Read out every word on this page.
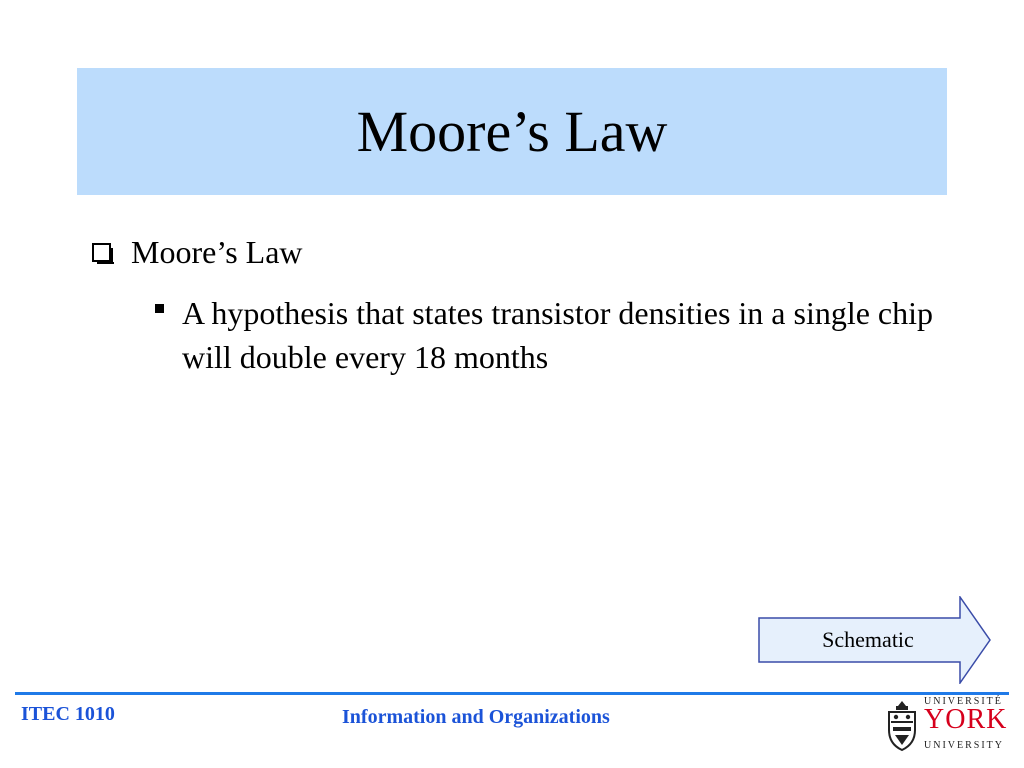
Moore’s Law
Moore’s Law
A hypothesis that states transistor densities in a single chip will double every 18 months
Schematic
ITEC 1010	Information and Organizations
UNIVERSITÉ
YORK
UNIVERSITY
